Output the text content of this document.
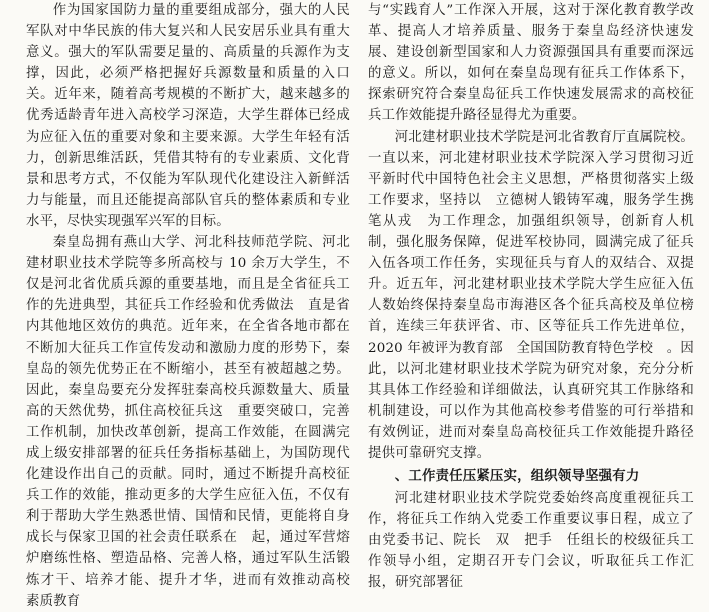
作为国家国防力量的重要组成部分，强大的人民军队对中华民族的伟大复兴和人民安居乐业具有重大意义。强大的军队需要足量的、高质量的兵源作为支撑，因此，必须严格把握好兵源数量和质量的入口关。近年来，随着高考规模的不断扩大，越来越多的优秀适龄青年进入高校学习深造，大学生群体已经成为应征入伍的重要对象和主要来源。大学生年轻有活力，创新思维活跃，凭借其特有的专业素质、文化背景和思考方式，不仅能为军队现代化建设注入新鲜活力与能量，而且还能提高部队官兵的整体素质和专业水平，尽快实现强军兴军的目标。

秦皇岛拥有燕山大学、河北科技师范学院、河北建材职业技术学院等多所高校与 10 余万大学生，不仅是河北省优质兵源的重要基地，而且是全省征兵工作的先进典型，其征兵工作经验和优秀做法　直是省内其他地区效仿的典范。近年来，在全省各地市都在不断加大征兵工作宣传发动和激励力度的形势下，秦皇岛的领先优势正在不断缩小，甚至有被超越之势。因此，秦皇岛要充分发挥驻秦高校兵源数量大、质量高的天然优势，抓住高校征兵这　重要突破口，完善工作机制，加快改革创新，提高工作效能，在圆满完成上级安排部署的征兵任务指标基础上，为国防现代化建设作出自己的贡献。同时，通过不断提升高校征兵工作的效能，推动更多的大学生应征入伍，不仅有利于帮助大学生熟悉世情、国情和民情，更能将自身成长与保家卫国的社会责任联系在　起，通过军营熔炉磨练性格、塑造品格、完善人格，通过军队生活锻炼才干、培养才能、提升才华，进而有效推动高校　素质教育

与“实践育人”工作深入开展，这对于深化教育教学改革、提高人才培养质量、服务于秦皇岛经济快速发展、建设创新型国家和人力资源强国具有重要而深远的意义。所以，如何在秦皇岛现有征兵工作体系下，探索研究符合秦皇岛征兵工作快速发展需求的高校征兵工作效能提升路径显得尤为重要。

河北建材职业技术学院是河北省教育厅直属院校。一直以来，河北建材职业技术学院深入学习贯彻习近平新时代中国特色社会主义思想，严格贯彻落实上级工作要求，坚持以　立德树人锻铸军魂，服务学生携笔从戎　为工作理念，加强组织领导，创新育人机制，强化服务保障，促进军校协同，圆满完成了征兵入伍各项工作任务，实现征兵与育人的双结合、双提升。近五年，河北建材职业技术学院大学生应征入伍人数始终保持秦皇岛市海港区各个征兵高校及单位榜首，连续三年获评省、市、区等征兵工作先进单位，2020 年被评为教育部　全国国防教育特色学校　。因此，以河北建材职业技术学院为研究对象，充分分析其具体工作经验和详细做法，认真研究其工作脉络和机制建设，可以作为其他高校参考借鉴的可行举措和有效例证，进而对秦皇岛高校征兵工作效能提升路径提供可靠研究支撑。

、工作责任压紧压实，组织领导坚强有力

河北建材职业技术学院党委始终高度重视征兵工作，将征兵工作纳入党委工作重要议事日程，成立了由党委书记、院长　双　把手　任组长的校级征兵工作领导小组，定期召开专门会议，听取征兵工作汇报，研究部署征
